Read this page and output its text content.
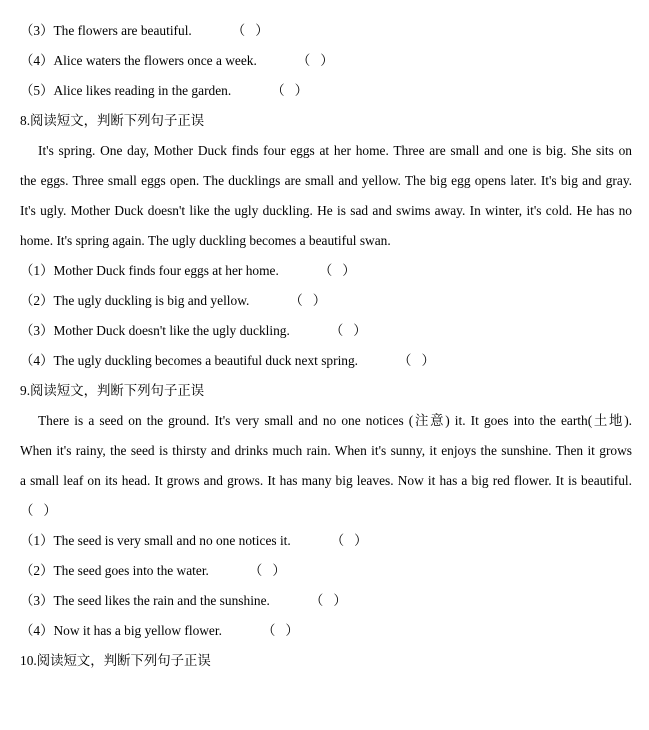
（3）The flowers are beautiful.	（   ）
（4）Alice waters the flowers once a week.	（   ）
（5）Alice likes reading in the garden.	（   ）
8.阅读短文，判断下列句子正误
It's spring. One day, Mother Duck finds four eggs at her home. Three are small and one is big. She sits on
the eggs. Three small eggs open. The ducklings are small and yellow. The big egg opens later. It's big and gray.
It's ugly. Mother Duck doesn't like the ugly duckling. He is sad and swims away. In winter, it's cold. He has no
home. It's spring again. The ugly duckling becomes a beautiful swan.
（1）Mother Duck finds four eggs at her home.	（   ）
（2）The ugly duckling is big and yellow.	（   ）
（3）Mother Duck doesn't like the ugly duckling.	（   ）
（4）The ugly duckling becomes a beautiful duck next spring.	（   ）
9.阅读短文，判断下列句子正误
There is a seed on the ground. It's very small and no one notices (注意) it. It goes into the earth(土地).
When it's rainy, the seed is thirsty and drinks much rain. When it's sunny, it enjoys the sunshine. Then it grows
a small leaf on its head. It grows and grows. It has many big leaves. Now it has a big red flower. It is beautiful.
（   ）
（1）The seed is very small and no one notices it.	（   ）
（2）The seed goes into the water.	（   ）
（3）The seed likes the rain and the sunshine.	（   ）
（4）Now it has a big yellow flower.	（   ）
10.阅读短文，判断下列句子正误
